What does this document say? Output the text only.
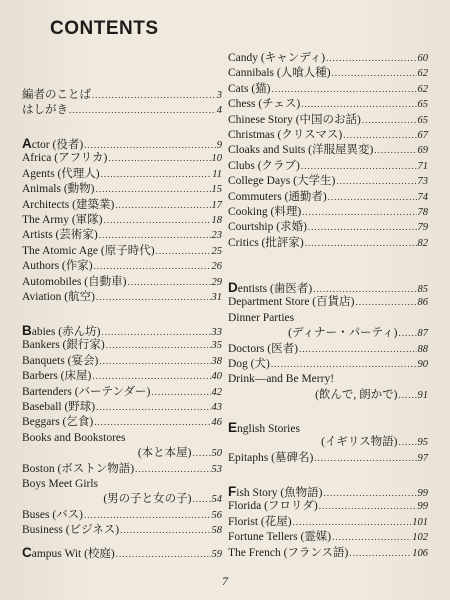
CONTENTS
編者のことば .....	3
はしがき .....	4
Actor (役者) .....	9
Africa (アフリカ) .....	10
Agents (代理人) .....	11
Animals (動物) .....	15
Architects (建築業) .....	17
The Army (軍隊) .....	18
Artists (芸術家) .....	23
The Atomic Age (原子時代) .....	25
Authors (作家) .....	26
Automobiles (自動車) .....	29
Aviation (航空) .....	31
Babies (赤ん坊) .....	33
Bankers (銀行家) .....	35
Banquets (宴会) .....	38
Barbers (床屋) .....	40
Bartenders (バーテンダー) .....	42
Baseball (野球) .....	43
Beggars (乞食) .....	46
Books and Bookstores
(本と本屋) ..... 50
Boston (ボストン物語) .....	53
Boys Meet Girls
(男の子と女の子) ..... 54
Buses (バス) .....	56
Business (ビジネス) .....	58
Campus Wit (校庭) .....	59
Candy (キャンディ) .....	60
Cannibals (人喰人種) .....	62
Cats (猫) .....	62
Chess (チェス) .....	65
Chinese Story (中国のお話) .....	65
Christmas (クリスマス) .....	67
Cloaks and Suits (洋服屋異変) .....	69
Clubs (クラブ) .....	71
College Days (大学生) .....	73
Commuters (通勤者) .....	74
Cooking (料理) .....	78
Courtship (求婚) .....	79
Critics (批評家) .....	82
Dentists (歯医者) .....	85
Department Store (百貨店) .....	86
Dinner Parties
(ディナー・パーティ) ..... 87
Doctors (医者) .....	88
Dog (犬) .....	90
Drink—and Be Merry!
(飲んで, 朗かで) ..... 91
English Stories
(イギリス物語) ..... 95
Epitaphs (墓碑名) .....	97
Fish Story (魚物語) .....	99
Florida (フロリダ) .....	99
Florist (花屋) .....	101
Fortune Tellers (霊媒) .....	102
The French (フランス語) .....	106
7
